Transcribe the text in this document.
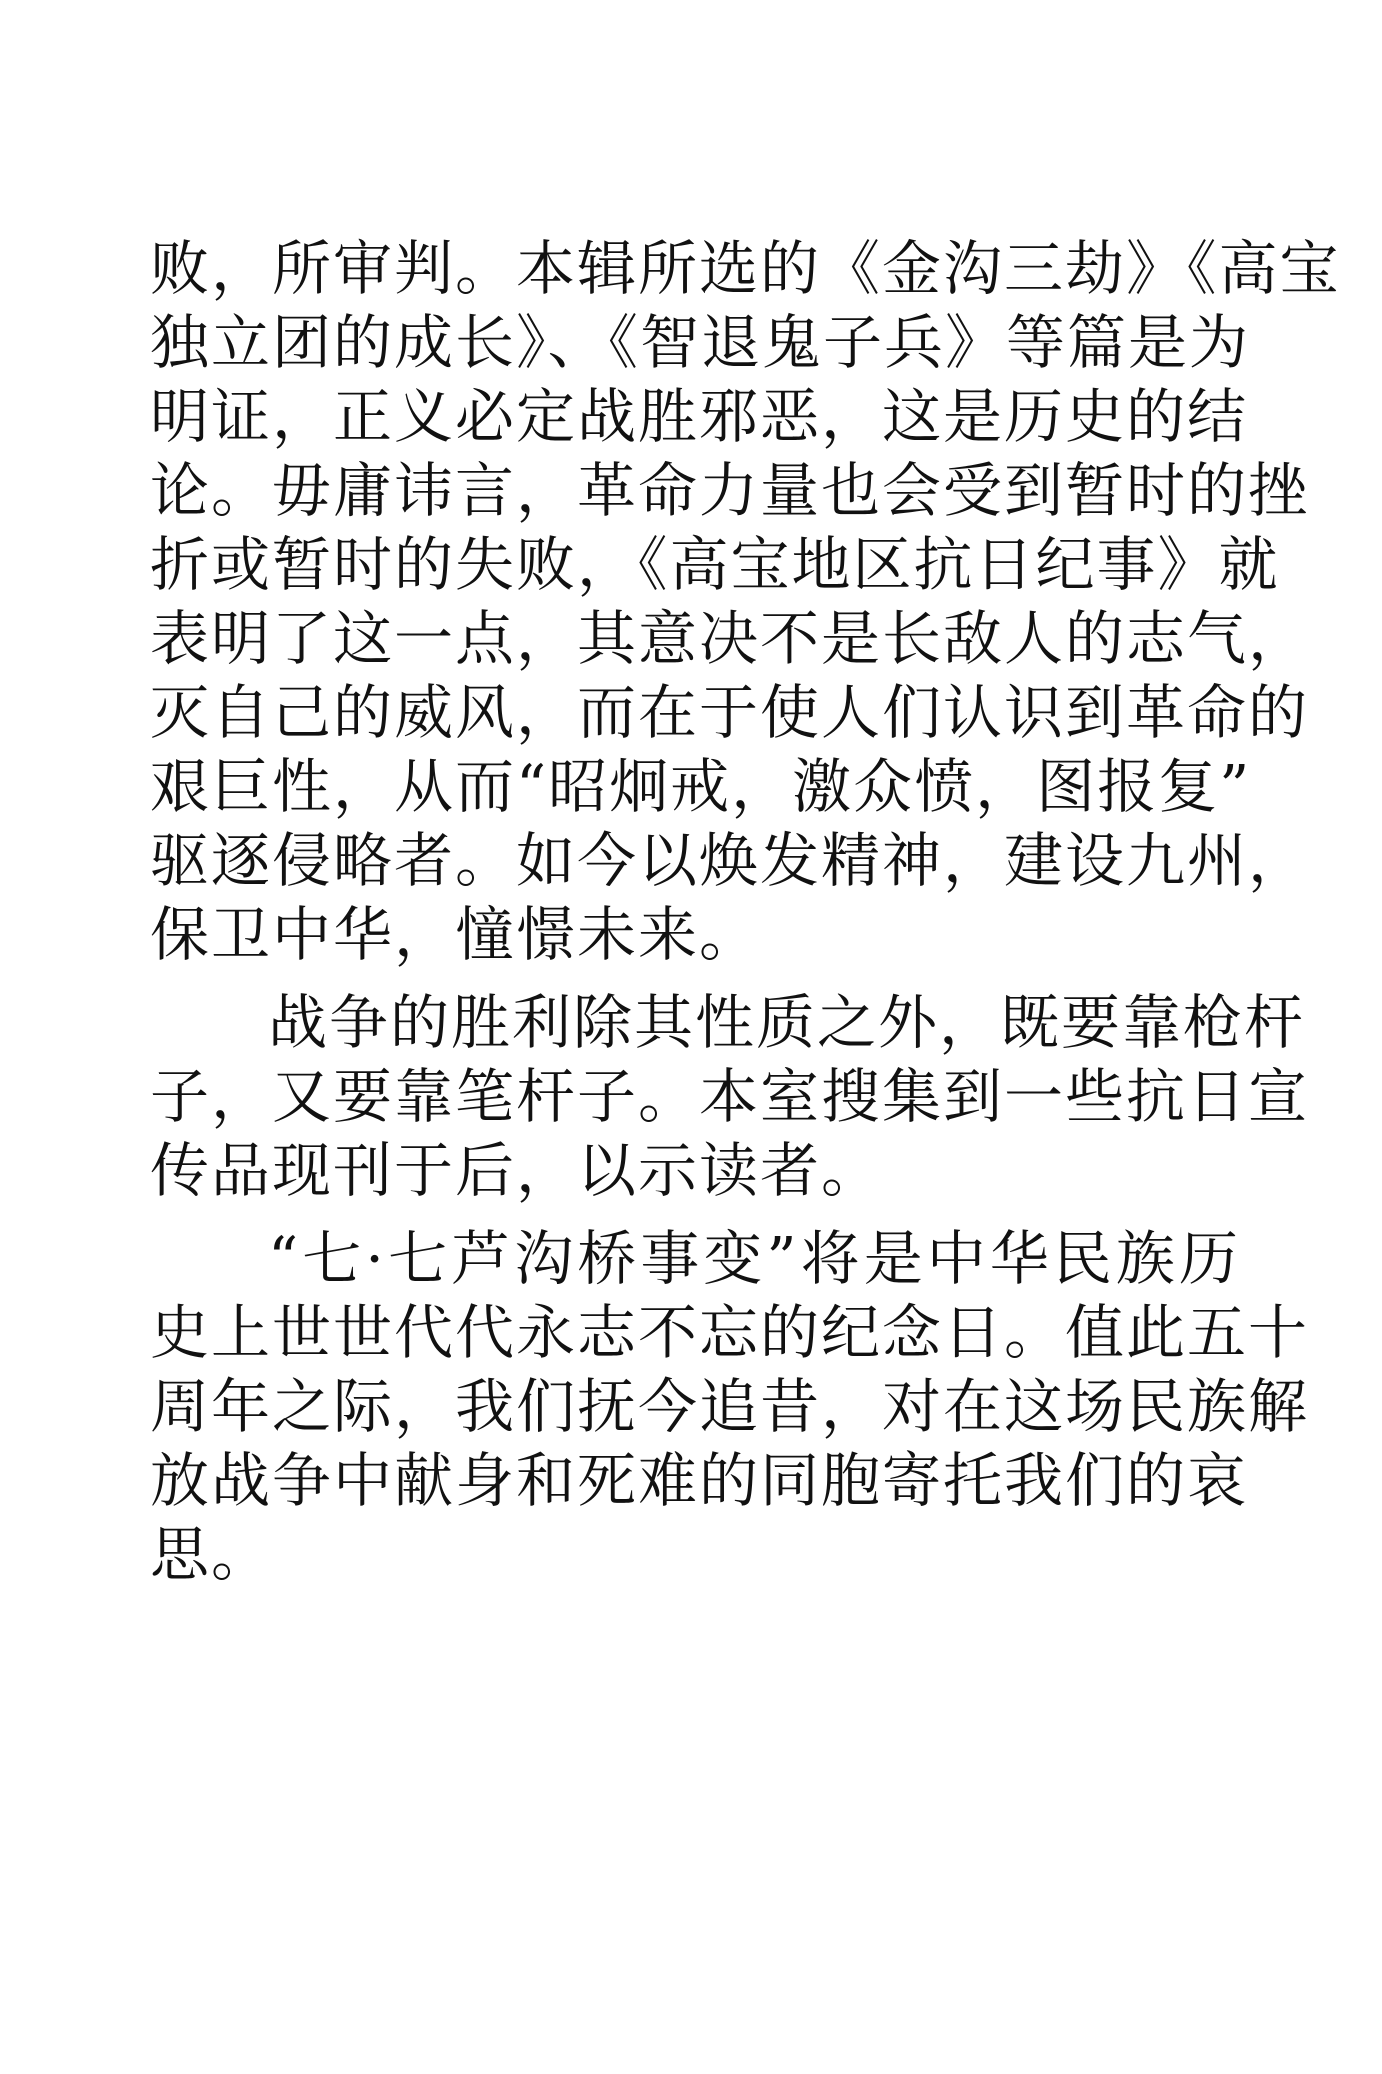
败，所审判。本辑所选的《金沟三劫》《高宝
独立团的成长》、《智退鬼子兵》等篇是为
明证，正义必定战胜邪恶，这是历史的结
论。毋庸讳言，革命力量也会受到暂时的挫
折或暂时的失败，《高宝地区抗日纪事》就
表明了这一点，其意决不是长敌人的志气，
灭自己的威风，而在于使人们认识到革命的
艰巨性，从而“昭炯戒，激众愤，图报复”
驱逐侵略者。如今以焕发精神，建设九州，
保卫中华，憧憬未来。
战争的胜利除其性质之外，既要靠枪杆
子，又要靠笔杆子。本室搜集到一些抗日宣
传品现刊于后，以示读者。
“七·七芦沟桥事变”将是中华民族历
史上世世代代永志不忘的纪念日。值此五十
周年之际，我们抚今追昔，对在这场民族解
放战争中献身和死难的同胞寄托我们的哀
思。
